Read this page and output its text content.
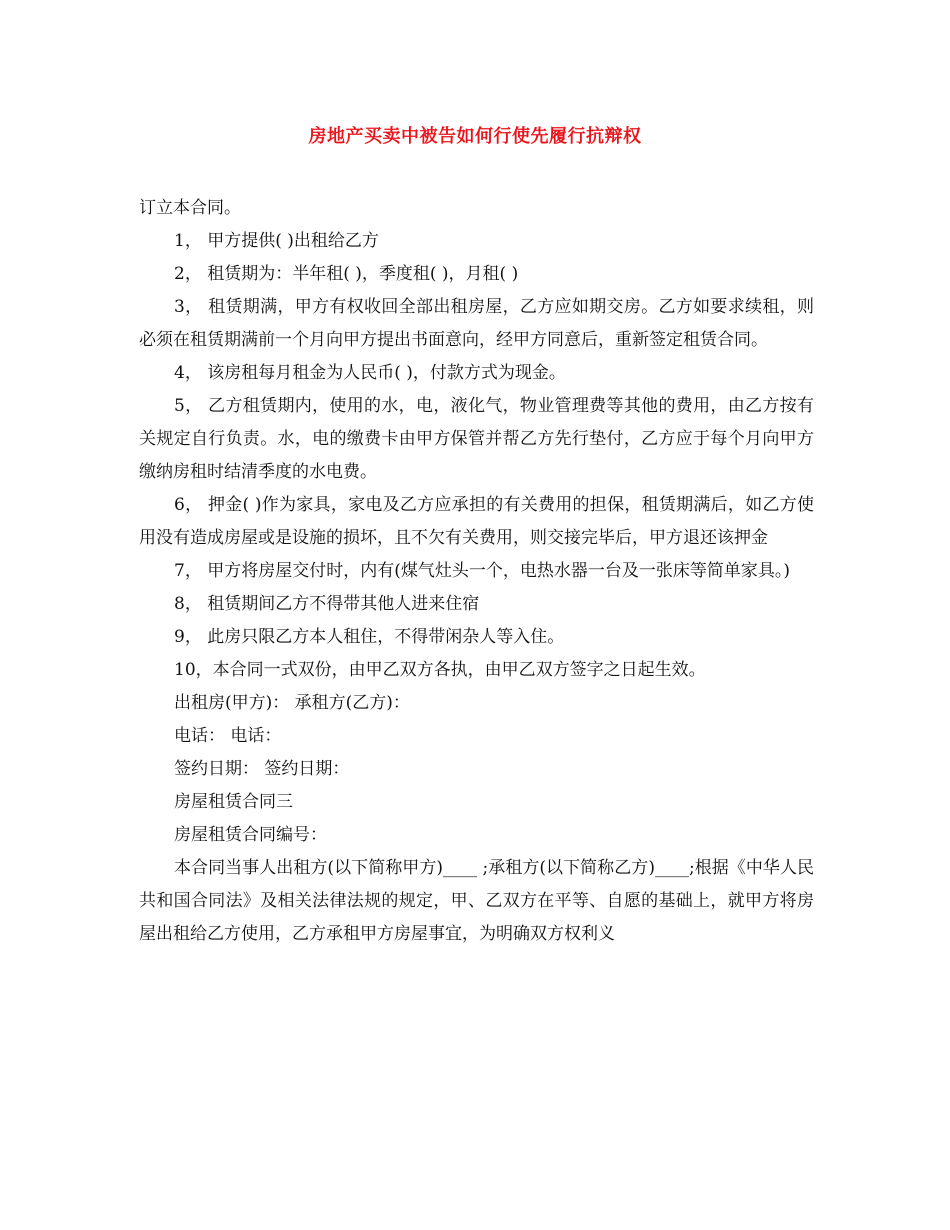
房地产买卖中被告如何行使先履行抗辩权

订立本合同。

1， 甲方提供( )出租给乙方

2， 租赁期为：半年租( )，季度租( )，月租( )

3， 租赁期满，甲方有权收回全部出租房屋，乙方应如期交房。乙方如要求续租，则必须在租赁期满前一个月向甲方提出书面意向，经甲方同意后，重新签定租赁合同。

4， 该房租每月租金为人民币( )，付款方式为现金。

5， 乙方租赁期内，使用的水，电，液化气，物业管理费等其他的费用，由乙方按有关规定自行负责。水，电的缴费卡由甲方保管并帮乙方先行垫付，乙方应于每个月向甲方缴纳房租时结清季度的水电费。

6， 押金( )作为家具，家电及乙方应承担的有关费用的担保，租赁期满后，如乙方使用没有造成房屋或是设施的损坏，且不欠有关费用，则交接完毕后，甲方退还该押金

7， 甲方将房屋交付时，内有(煤气灶头一个，电热水器一台及一张床等简单家具。)

8， 租赁期间乙方不得带其他人进来住宿

9， 此房只限乙方本人租住，不得带闲杂人等入住。

10，本合同一式双份，由甲乙双方各执，由甲乙双方签字之日起生效。

出租房(甲方)： 承租方(乙方)：

电话： 电话：

签约日期： 签约日期：

房屋租赁合同三

房屋租赁合同编号：

本合同当事人出租方(以下简称甲方)____ ;承租方(以下简称乙方)____;根据《中华人民共和国合同法》及相关法律法规的规定，甲、乙双方在平等、自愿的基础上，就甲方将房屋出租给乙方使用，乙方承租甲方房屋事宜，为明确双方权利义
